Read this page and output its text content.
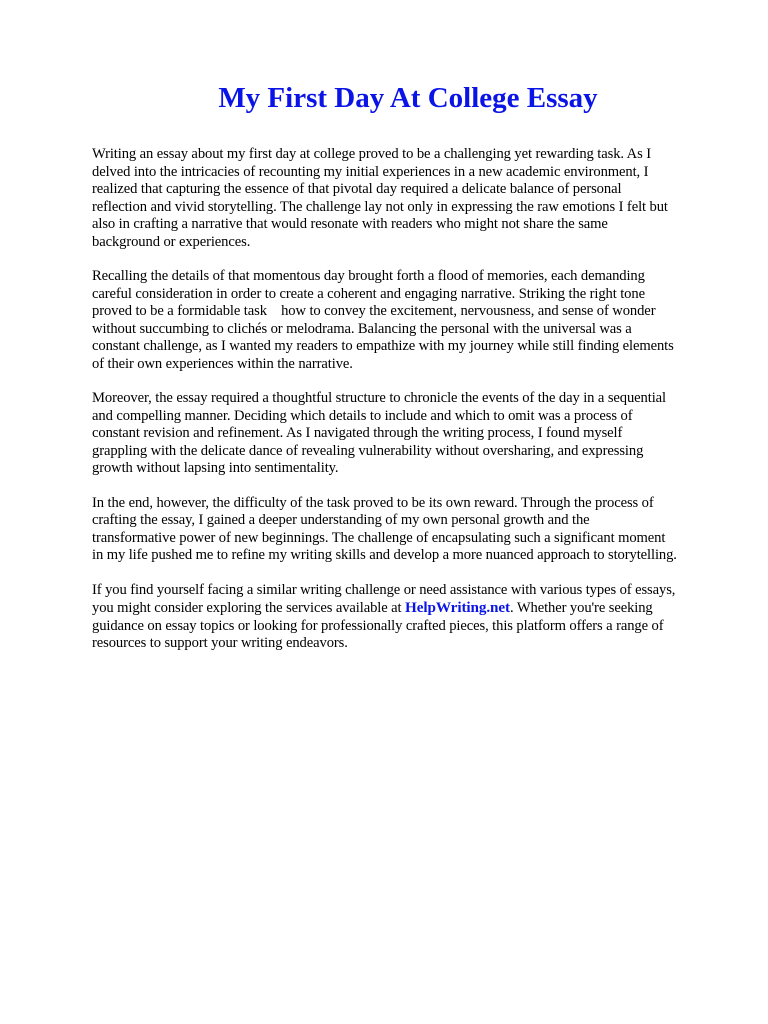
My First Day At College Essay

Writing an essay about my first day at college proved to be a challenging yet rewarding task. As I
delved into the intricacies of recounting my initial experiences in a new academic environment, I
realized that capturing the essence of that pivotal day required a delicate balance of personal
reflection and vivid storytelling. The challenge lay not only in expressing the raw emotions I felt but
also in crafting a narrative that would resonate with readers who might not share the same
background or experiences.

Recalling the details of that momentous day brought forth a flood of memories, each demanding
careful consideration in order to create a coherent and engaging narrative. Striking the right tone
proved to be a formidable task    how to convey the excitement, nervousness, and sense of wonder
without succumbing to clichés or melodrama. Balancing the personal with the universal was a
constant challenge, as I wanted my readers to empathize with my journey while still finding elements
of their own experiences within the narrative.

Moreover, the essay required a thoughtful structure to chronicle the events of the day in a sequential
and compelling manner. Deciding which details to include and which to omit was a process of
constant revision and refinement. As I navigated through the writing process, I found myself
grappling with the delicate dance of revealing vulnerability without oversharing, and expressing
growth without lapsing into sentimentality.

In the end, however, the difficulty of the task proved to be its own reward. Through the process of
crafting the essay, I gained a deeper understanding of my own personal growth and the
transformative power of new beginnings. The challenge of encapsulating such a significant moment
in my life pushed me to refine my writing skills and develop a more nuanced approach to storytelling.

If you find yourself facing a similar writing challenge or need assistance with various types of essays,
you might consider exploring the services available at HelpWriting.net. Whether you're seeking
guidance on essay topics or looking for professionally crafted pieces, this platform offers a range of
resources to support your writing endeavors.
